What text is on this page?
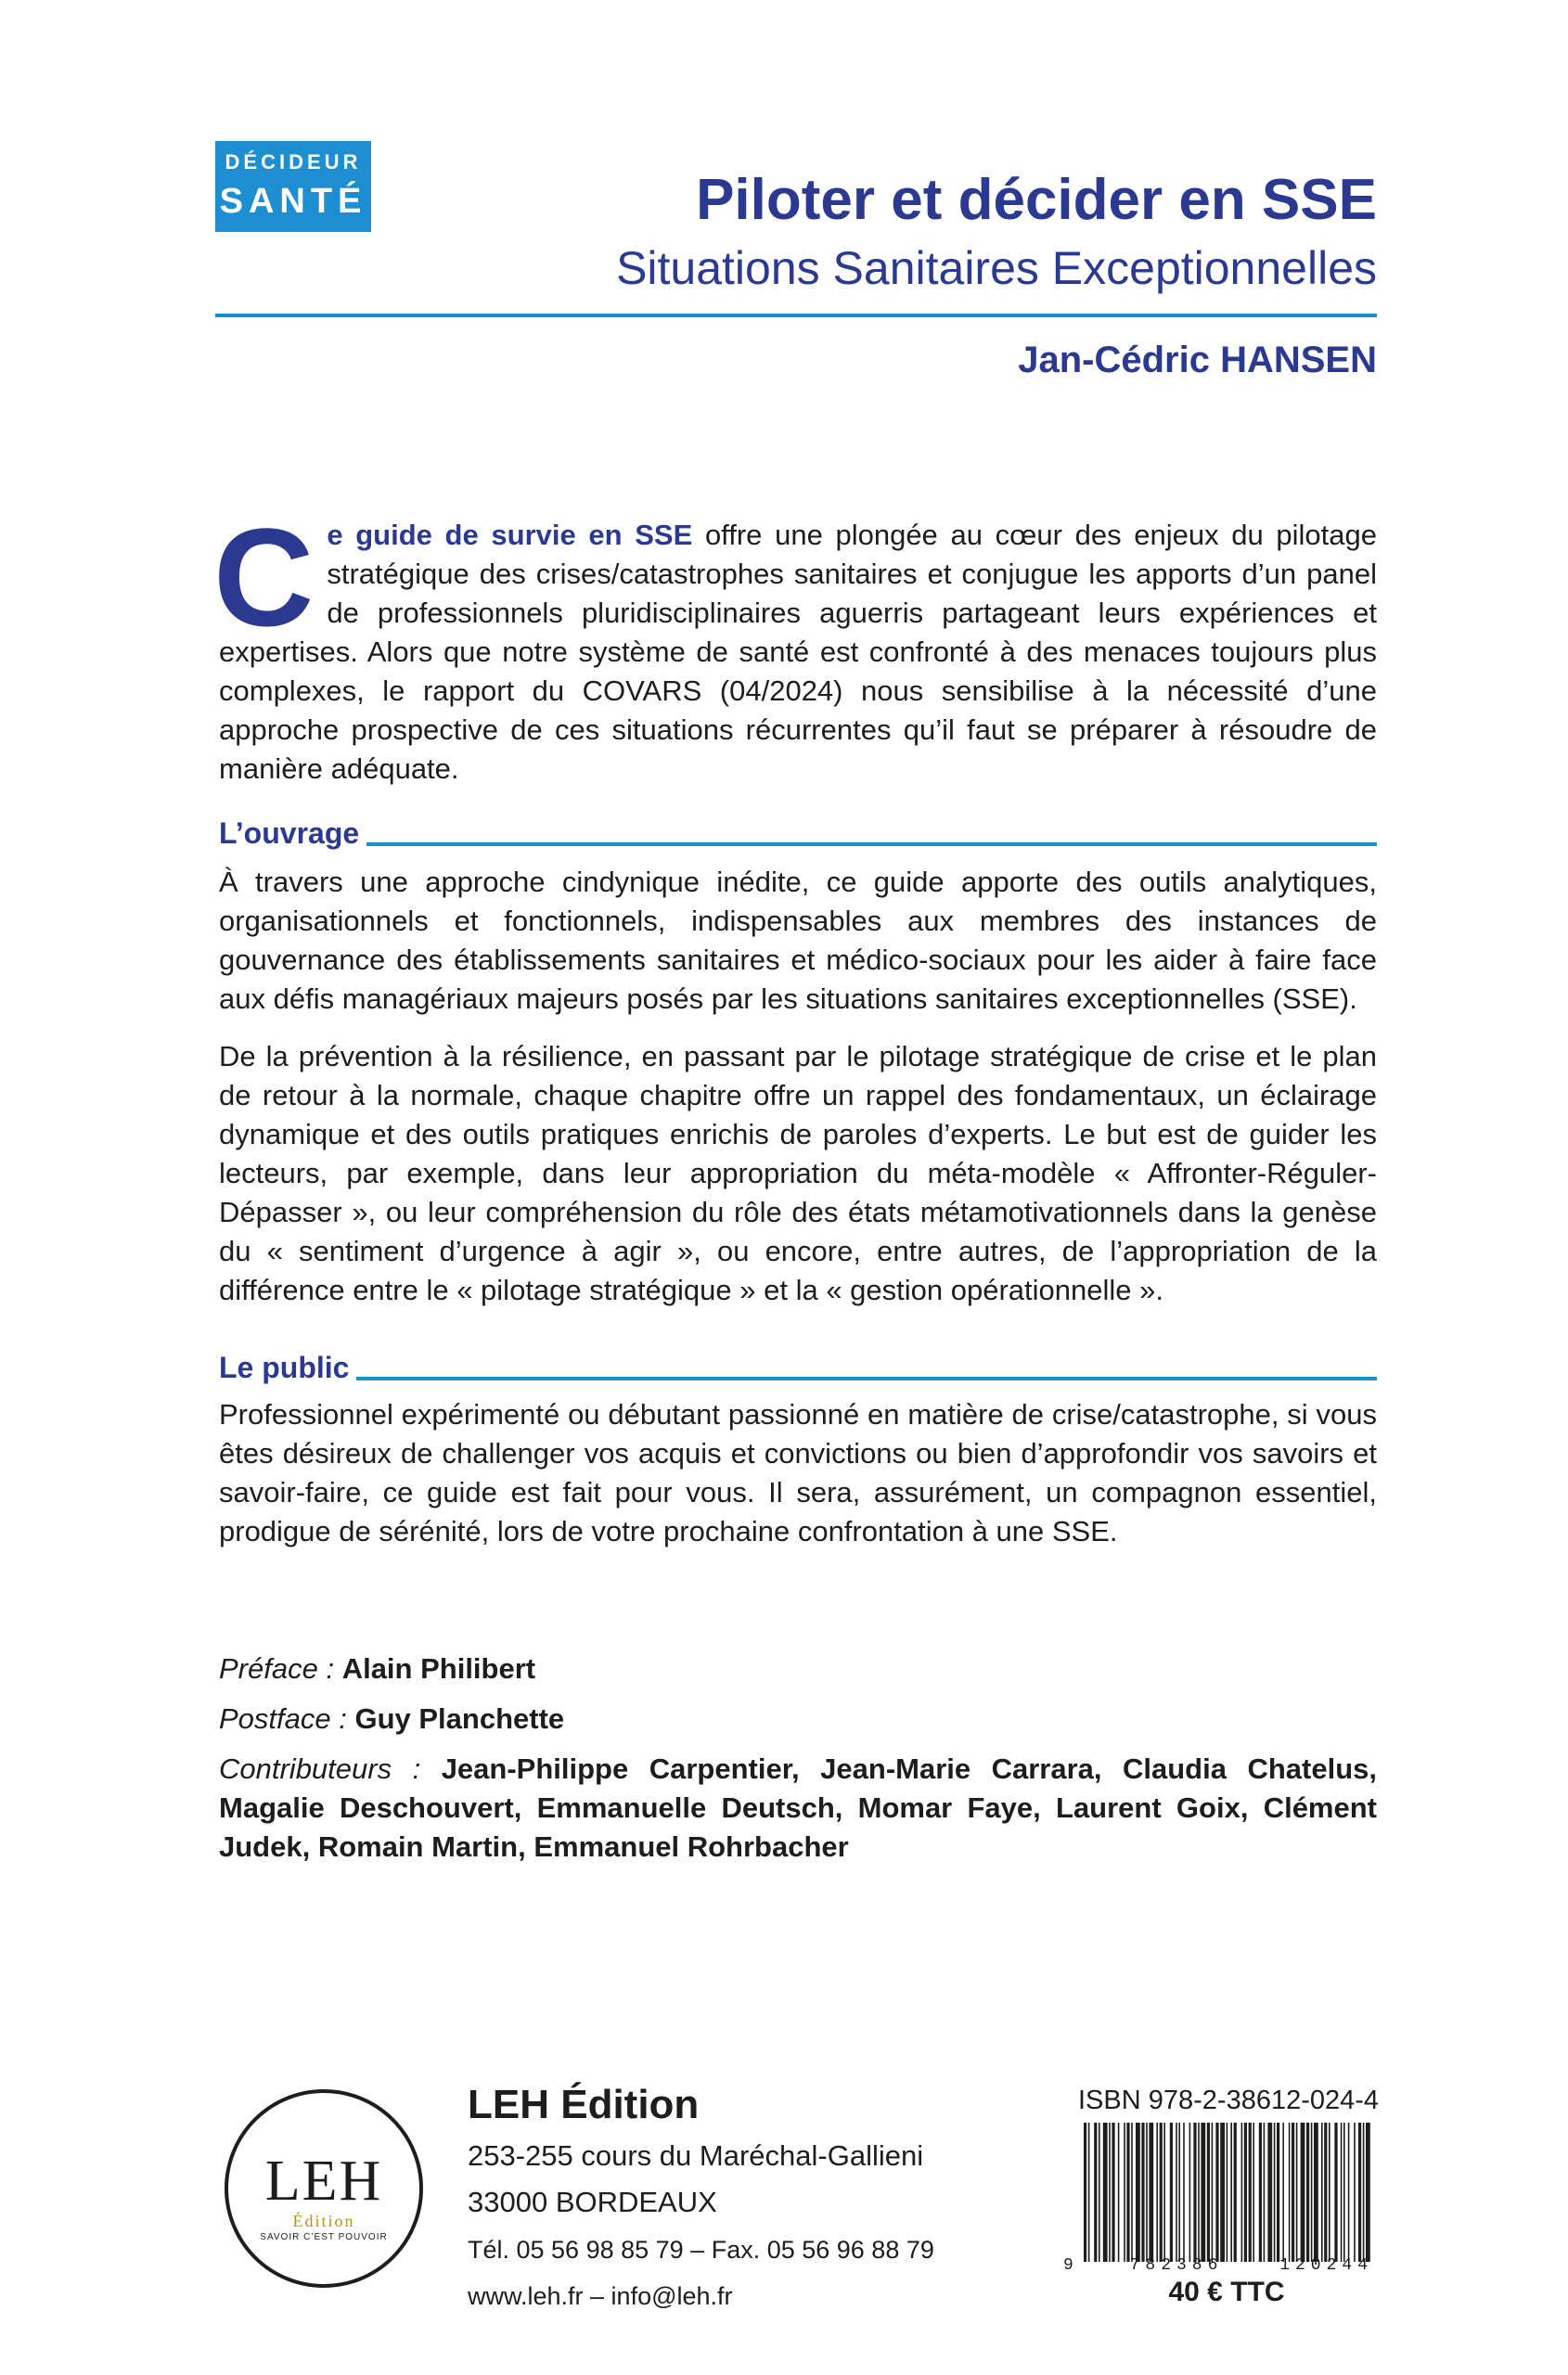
DÉCIDEUR
SANTÉ	Piloter et décider en SSE
Situations Sanitaires Exceptionnelles
Jan-Cédric HANSEN
Ce guide de survie en SSE offre une plongée au cœur des enjeux du pilotage stratégique des crises/catastrophes sanitaires et conjugue les apports d’un panel de professionnels pluridisciplinaires aguerris partageant leurs expériences et expertises. Alors que notre système de santé est confronté à des menaces toujours plus complexes, le rapport du COVARS (04/2024) nous sensibilise à la nécessité d’une approche prospective de ces situations récurrentes qu’il faut se préparer à résoudre de manière adéquate.
L’ouvrage
À travers une approche cindynique inédite, ce guide apporte des outils analytiques, organisationnels et fonctionnels, indispensables aux membres des instances de gouvernance des établissements sanitaires et médico-sociaux pour les aider à faire face aux défis managériaux majeurs posés par les situations sanitaires exceptionnelles (SSE).
De la prévention à la résilience, en passant par le pilotage stratégique de crise et le plan de retour à la normale, chaque chapitre offre un rappel des fondamentaux, un éclairage dynamique et des outils pratiques enrichis de paroles d’experts. Le but est de guider les lecteurs, par exemple, dans leur appropriation du méta-modèle « Affronter-Réguler-Dépasser », ou leur compréhension du rôle des états métamotivationnels dans la genèse du « sentiment d’urgence à agir », ou encore, entre autres, de l’appropriation de la différence entre le « pilotage stratégique » et la « gestion opérationnelle ».
Le public
Professionnel expérimenté ou débutant passionné en matière de crise/catastrophe, si vous êtes désireux de challenger vos acquis et convictions ou bien d’approfondir vos savoirs et savoir-faire, ce guide est fait pour vous. Il sera, assurément, un compagnon essentiel, prodigue de sérénité, lors de votre prochaine confrontation à une SSE.
Préface : Alain Philibert
Postface : Guy Planchette
Contributeurs : Jean-Philippe Carpentier, Jean-Marie Carrara, Claudia Chatelus, Magalie Deschouvert, Emmanuelle Deutsch, Momar Faye, Laurent Goix, Clément Judek, Romain Martin, Emmanuel Rohrbacher
LEH
Édition
SAVOIR C’EST POUVOIR
LEH Édition
253-255 cours du Maréchal-Gallieni
33000 BORDEAUX
Tél. 05 56 98 85 79 – Fax. 05 56 96 88 79
www.leh.fr – info@leh.fr
ISBN 978-2-38612-024-4
9	782386	120244
40 € TTC
